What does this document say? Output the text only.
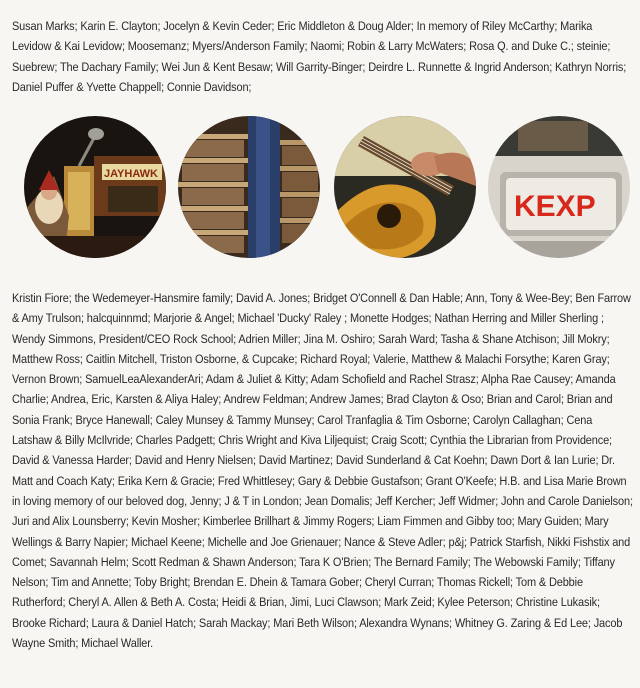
Susan Marks; Karin E. Clayton; Jocelyn & Kevin Ceder; Eric Middleton & Doug Alder; In memory of Riley McCarthy; Marika Levidow & Kai Levidow; Moosemanz; Myers/Anderson Family; Naomi; Robin & Larry McWaters; Rosa Q. and Duke C.; steinie; Suebrew; The Dachary Family; Wei Jun & Kent Besaw; Will Garrity-Binger; Deirdre L. Runnette & Ingrid Anderson; Kathryn Norris; Daniel Puffer & Yvette Chappell; Connie Davidson;
JAYHAWK
KEXP
Kristin Fiore; the Wedemeyer-Hansmire family; David A. Jones; Bridget O'Connell & Dan Hable; Ann, Tony & Wee-Bey; Ben Farrow & Amy Trulson; halcquinnmd; Marjorie & Angel; Michael 'Ducky' Raley ; Monette Hodges; Nathan Herring and Miller Sherling ; Wendy Simmons, President/CEO Rock School; Adrien Miller; Jina M. Oshiro; Sarah Ward; Tasha & Shane Atchison; Jill Mokry; Matthew Ross; Caitlin Mitchell, Triston Osborne, & Cupcake; Richard Royal; Valerie, Matthew & Malachi Forsythe; Karen Gray; Vernon Brown; SamuelLeaAlexanderAri; Adam & Juliet & Kitty; Adam Schofield and Rachel Strasz; Alpha Rae Causey; Amanda Charlie; Andrea, Eric, Karsten & Aliya Haley; Andrew Feldman; Andrew James; Brad Clayton & Oso; Brian and Carol; Brian and Sonia Frank; Bryce Hanewall; Caley Munsey & Tammy Munsey; Carol Tranfaglia & Tim Osborne; Carolyn Callaghan; Cena Latshaw & Billy McIlvride; Charles Padgett; Chris Wright and Kiva Liljequist; Craig Scott; Cynthia the Librarian from Providence; David & Vanessa Harder; David and Henry Nielsen; David Martinez; David Sunderland & Cat Koehn; Dawn Dort & Ian Lurie; Dr. Matt and Coach Katy; Erika Kern & Gracie; Fred Whittlesey; Gary & Debbie Gustafson; Grant O'Keefe; H.B. and Lisa Marie Brown in loving memory of our beloved dog, Jenny; J & T in London; Jean Domalis; Jeff Kercher; Jeff Widmer; John and Carole Danielson; Juri and Alix Lounsberry; Kevin Mosher; Kimberlee Brillhart & Jimmy Rogers; Liam Fimmen and Gibby too; Mary Guiden; Mary Wellings & Barry Napier; Michael Keene; Michelle and Joe Grienauer; Nance & Steve Adler; p&j; Patrick Starfish, Nikki Fishstix and Comet; Savannah Helm; Scott Redman & Shawn Anderson; Tara K O'Brien; The Bernard Family; The Webowski Family; Tiffany Nelson; Tim and Annette; Toby Bright; Brendan E. Dhein & Tamara Gober; Cheryl Curran; Thomas Rickell; Tom & Debbie Rutherford; Cheryl A. Allen & Beth A. Costa; Heidi & Brian, Jimi, Luci Clawson; Mark Zeid; Kylee Peterson; Christine Lukasik; Brooke Richard; Laura & Daniel Hatch; Sarah Mackay; Mari Beth Wilson; Alexandra Wynans; Whitney G. Zaring & Ed Lee; Jacob Wayne Smith; Michael Waller.
